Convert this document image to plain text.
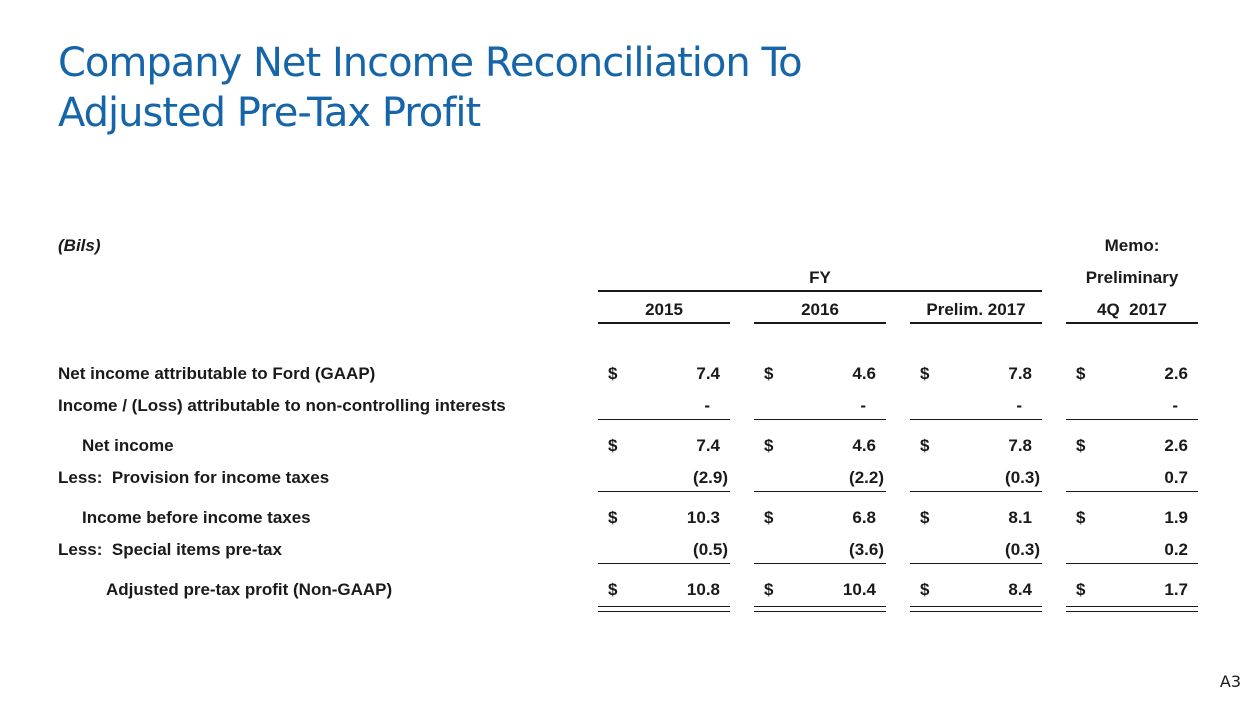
Company Net Income Reconciliation To
Adjusted Pre-Tax Profit
(Bils)	Memo:
FY	Preliminary
2015	2016	Prelim. 2017	4Q  2017
Net income attributable to Ford (GAAP)	$	7.4	$	4.6	$	7.8	$	2.6
Income / (Loss) attributable to non-controlling interests	-	-	-	-
Net income	$	7.4	$	4.6	$	7.8	$	2.6
Less:  Provision for income taxes	(2.9)	(2.2)	(0.3)	0.7
Income before income taxes	$	10.3	$	6.8	$	8.1	$	1.9
Less:  Special items pre-tax	(0.5)	(3.6)	(0.3)	0.2
Adjusted pre-tax profit (Non-GAAP)	$	10.8	$	10.4	$	8.4	$	1.7
A3
